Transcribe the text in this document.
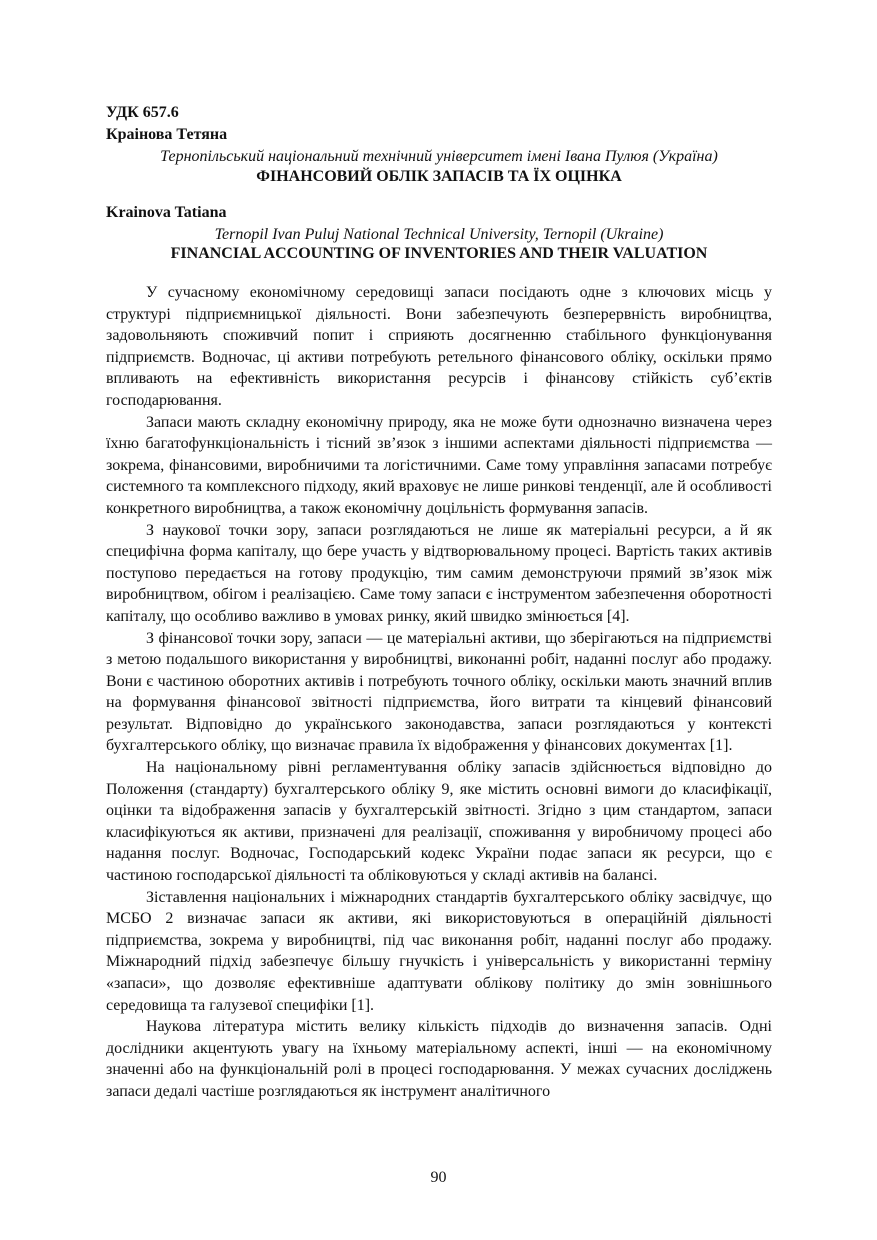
УДК 657.6

Краінова Тетяна

Тернопільський національний технічний університет імені Івана Пулюя (Україна)

ФІНАНСОВИЙ ОБЛІК ЗАПАСІВ ТА ЇХ ОЦІНКА

Krainova Tatiana

Ternopil Ivan Puluj National Technical University, Ternopil (Ukraine)

FINANCIAL ACCOUNTING OF INVENTORIES AND THEIR VALUATION

У сучасному економічному середовищі запаси посідають одне з ключових місць у структурі підприємницької діяльності. Вони забезпечують безперервність виробництва, задовольняють споживчий попит і сприяють досягненню стабільного функціонування підприємств. Водночас, ці активи потребують ретельного фінансового обліку, оскільки прямо впливають на ефективність використання ресурсів і фінансову стійкість суб’єктів господарювання.

Запаси мають складну економічну природу, яка не може бути однозначно визначена через їхню багатофункціональність і тісний зв’язок з іншими аспектами діяльності підприємства — зокрема, фінансовими, виробничими та логістичними. Саме тому управління запасами потребує системного та комплексного підходу, який враховує не лише ринкові тенденції, але й особливості конкретного виробництва, а також економічну доцільність формування запасів.

З наукової точки зору, запаси розглядаються не лише як матеріальні ресурси, а й як специфічна форма капіталу, що бере участь у відтворювальному процесі. Вартість таких активів поступово передається на готову продукцію, тим самим демонструючи прямий зв’язок між виробництвом, обігом і реалізацією. Саме тому запаси є інструментом забезпечення оборотності капіталу, що особливо важливо в умовах ринку, який швидко змінюється [4].

З фінансової точки зору, запаси — це матеріальні активи, що зберігаються на підприємстві з метою подальшого використання у виробництві, виконанні робіт, наданні послуг або продажу. Вони є частиною оборотних активів і потребують точного обліку, оскільки мають значний вплив на формування фінансової звітності підприємства, його витрати та кінцевий фінансовий результат. Відповідно до українського законодавства, запаси розглядаються у контексті бухгалтерського обліку, що визначає правила їх відображення у фінансових документах [1].

На національному рівні регламентування обліку запасів здійснюється відповідно до Положення (стандарту) бухгалтерського обліку 9, яке містить основні вимоги до класифікації, оцінки та відображення запасів у бухгалтерській звітності. Згідно з цим стандартом, запаси класифікуються як активи, призначені для реалізації, споживання у виробничому процесі або надання послуг. Водночас, Господарський кодекс України подає запаси як ресурси, що є частиною господарської діяльності та обліковуються у складі активів на балансі.

Зіставлення національних і міжнародних стандартів бухгалтерського обліку засвідчує, що МСБО 2 визначає запаси як активи, які використовуються в операційній діяльності підприємства, зокрема у виробництві, під час виконання робіт, наданні послуг або продажу. Міжнародний підхід забезпечує більшу гнучкість і універсальність у використанні терміну «запаси», що дозволяє ефективніше адаптувати облікову політику до змін зовнішнього середовища та галузевої специфіки [1].

Наукова література містить велику кількість підходів до визначення запасів. Одні дослідники акцентують увагу на їхньому матеріальному аспекті, інші — на економічному значенні або на функціональній ролі в процесі господарювання. У межах сучасних досліджень запаси дедалі частіше розглядаються як інструмент аналітичного

90
